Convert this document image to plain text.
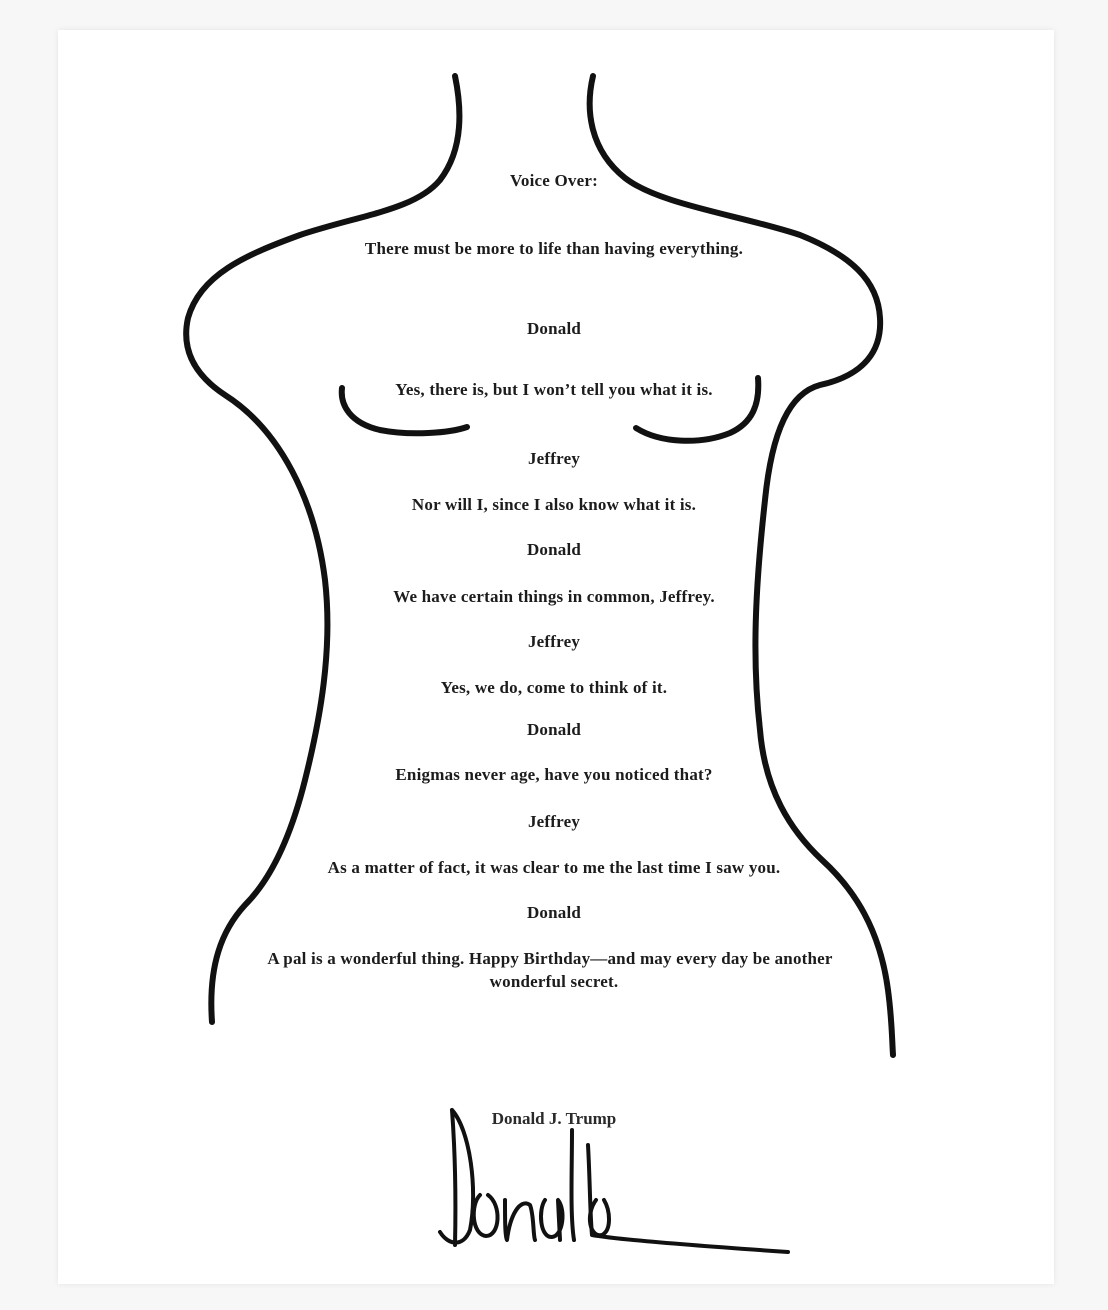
Voice Over:
There must be more to life than having everything.
Donald
Yes, there is, but I won’t tell you what it is.
Jeffrey
Nor will I, since I also know what it is.
Donald
We have certain things in common, Jeffrey.
Jeffrey
Yes, we do, come to think of it.
Donald
Enigmas never age, have you noticed that?
Jeffrey
As a matter of fact, it was clear to me the last time I saw you.
Donald
A pal is a wonderful thing. Happy Birthday—and may every day be another
wonderful secret.
Donald J. Trump
